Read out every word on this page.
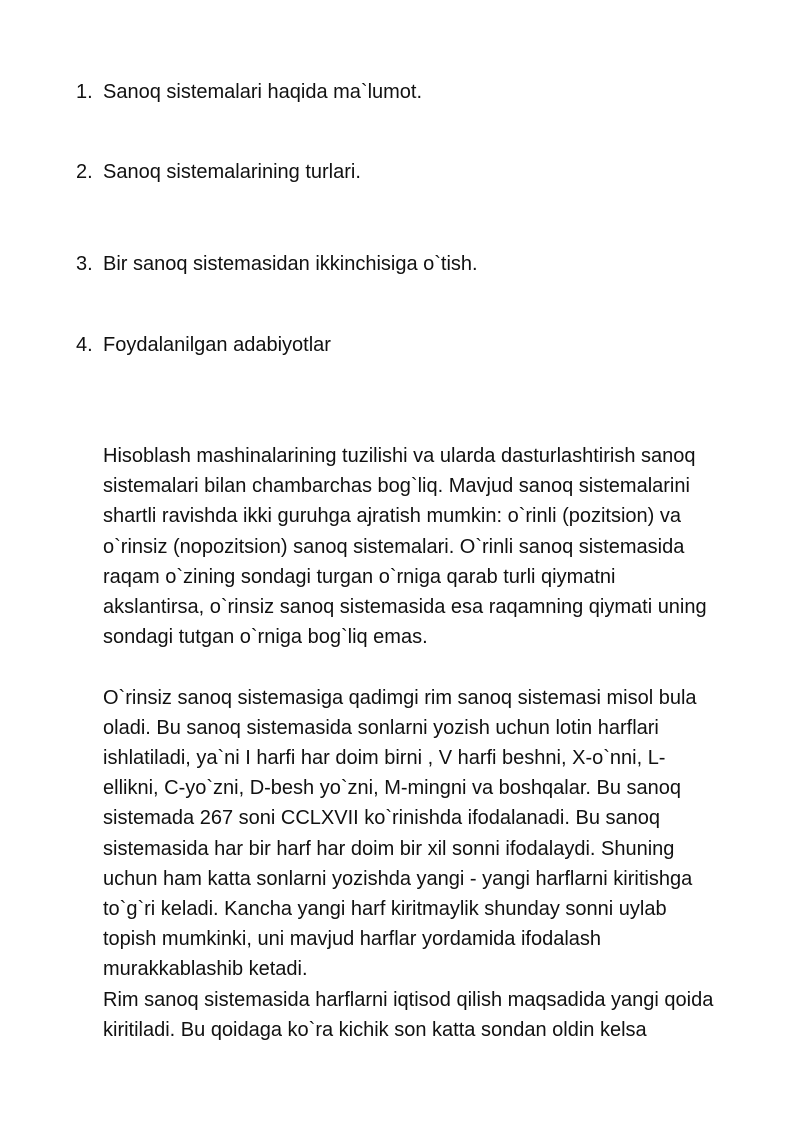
1. Sanoq sistemalari haqida ma`lumot.
2. Sanoq sistemalarining turlari.
3. Bir sanoq sistemasidan ikkinchisiga o`tish.
4. Foydalanilgan adabiyotlar
Hisoblash mashinalarining tuzilishi va ularda dasturlashtirish sanoq
sistemalari bilan chambarchas bog`liq. Mavjud sanoq sistemalarini
shartli ravishda ikki guruhga ajratish mumkin: o`rinli (pozitsion) va
o`rinsiz (nopozitsion) sanoq sistemalari. O`rinli sanoq sistemasida
raqam o`zining sondagi turgan o`rniga qarab turli qiymatni
akslantirsa, o`rinsiz sanoq sistemasida esa raqamning qiymati uning
sondagi tutgan o`rniga bog`liq emas.
O`rinsiz sanoq sistemasiga qadimgi rim sanoq sistemasi misol bula
oladi. Bu sanoq sistemasida sonlarni yozish uchun lotin harflari
ishlatiladi, ya`ni I harfi har doim birni , V harfi beshni, X-o`nni, L-
ellikni, C-yo`zni, D-besh yo`zni, M-mingni va boshqalar. Bu sanoq
sistemada 267 soni CCLXVII ko`rinishda ifodalanadi. Bu sanoq
sistemasida har bir harf har doim bir xil sonni ifodalaydi. Shuning
uchun ham katta sonlarni yozishda yangi - yangi harflarni kiritishga
to`g`ri keladi. Kancha yangi harf kiritmaylik shunday sonni uylab
topish mumkinki, uni mavjud harflar yordamida ifodalash
murakkablashib ketadi.
Rim sanoq sistemasida harflarni iqtisod qilish maqsadida yangi qoida
kiritiladi. Bu qoidaga ko`ra kichik son katta sondan oldin kelsa
